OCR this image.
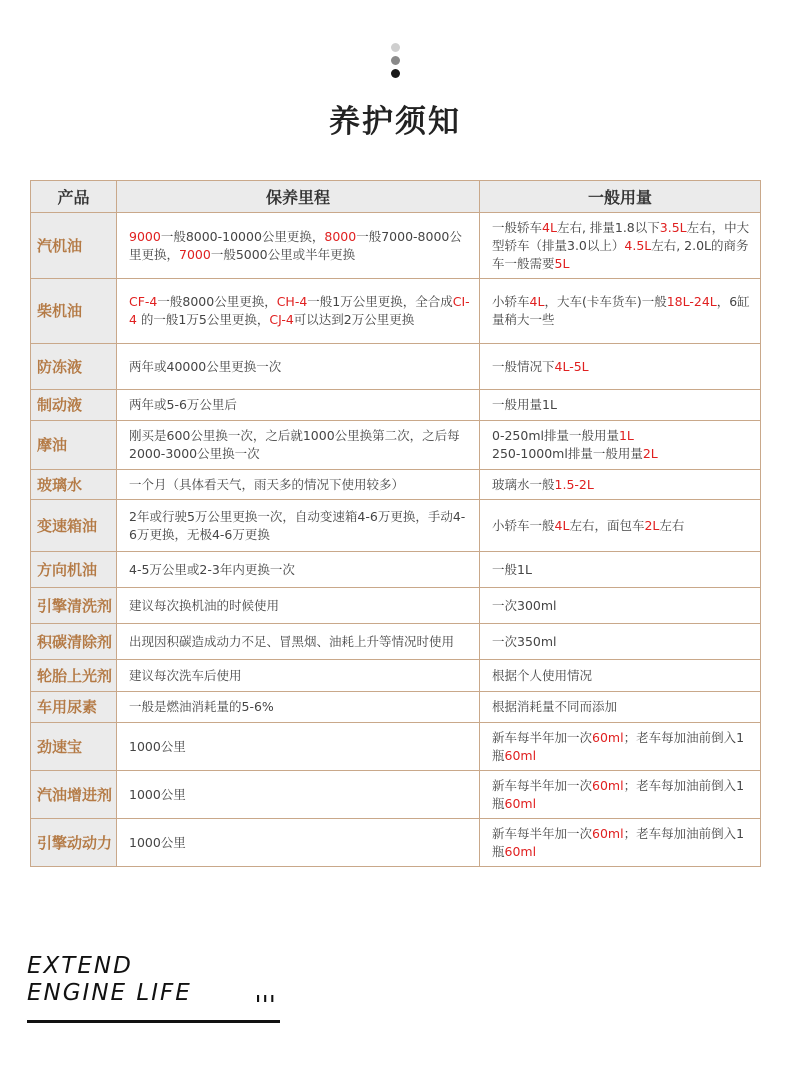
养护须知
产品	保养里程	一般用量
汽机油	9000一般8000-10000公里更换，8000一般7000-8000公里更换，7000一般5000公里或半年更换	一般轿车4L左右, 排量1.8以下3.5L左右，中大型轿车（排量3.0以上）4.5L左右, 2.0L的商务车一般需要5L
柴机油	CF-4一般8000公里更换，CH-4一般1万公里更换，全合成CI-4 的一般1万5公里更换，CJ-4可以达到2万公里更换	小轿车4L，大车(卡车货车)一般18L-24L，6缸量稍大一些
防冻液	两年或40000公里更换一次	一般情况下4L-5L
制动液	两年或5-6万公里后	一般用量1L
摩油	刚买是600公里换一次，之后就1000公里换第二次，之后每2000-3000公里换一次	0-250ml排量一般用量1L
250-1000ml排量一般用量2L
玻璃水	一个月（具体看天气，雨天多的情况下使用较多）	玻璃水一般1.5-2L
变速箱油	2年或行驶5万公里更换一次，自动变速箱4-6万更换，手动4-6万更换，无极4-6万更换	小轿车一般4L左右，面包车2L左右
方向机油	4-5万公里或2-3年内更换一次	一般1L
引擎清洗剂	建议每次换机油的时候使用	一次300ml
积碳清除剂	出现因积碳造成动力不足、冒黑烟、油耗上升等情况时使用	一次350ml
轮胎上光剂	建议每次洗车后使用	根据个人使用情况
车用尿素	一般是燃油消耗量的5-6%	根据消耗量不同而添加
劲速宝	1000公里	新车每半年加一次60ml；老车每加油前倒入1瓶60ml
汽油增进剂	1000公里	新车每半年加一次60ml；老车每加油前倒入1瓶60ml
引擎动动力	1000公里	新车每半年加一次60ml；老车每加油前倒入1瓶60ml
EXTEND
ENGINE LIFE	ııı
